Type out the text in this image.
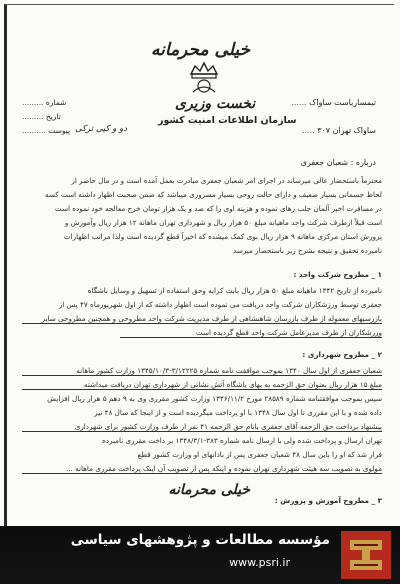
خیلی محرمانه
نخست وزیری
سازمان اطلاعات امنیت کشور
شماره .........
تاریخ .........
پیوست ..........	دو و کپی ترکی
تیمساریاست ساواک ......
ساواک تهران ۳۰۷ .....
درباره : شعبان جعفری
محترماً باستحضار عالی میرساند در اجرای امر شعبان جعفری مبادرت بعمل آمده است و در مال حاضر از
لحاظ جسمانی بسیار ضعیف و دارای حالت روحی بسیار مسروری میباشد که ضمن صحبت اظهار داشته است کسه
در مسافرت اخیر آلمان جلب رهای نموده و هزینه اوی را که صد و یک هزار تومان خرج معالجه خود نموده است
است قبلاً ازطرف شرکت واحد ماهیانه مبلغ ۵۰ هزار ریال و شهرداری تهران ماهانه ۱۲ هزار ریال وآموزش و
پرورش استان مرکزی ماهانه ۹ هزار ریال بوی کمک میشده که اخیراً قطع گردیده است ولذا مراتب اظهارات
نامبرده تحقیق و نتیجه بشرح زیر باستحضار میرسد
۱ _ مطروح شرکت واحد :
نامبرده از تاریخ ۱۳۴۲ ماهیانه مبلغ ۵۰ هزار ریال بابت کرایه وحق استفاده از تسهیل و وسایل باشگاه
جعفری توسط ورزشکاران شرکت واحد دریافت می نموده است اظهار داشته که از اول شهریورماه ۴۷ پس از
بازرسیهای معموله از طرف بازرسان شاهنشاهی از طرف مدیریت شرکت واحد مطروحی و همچنین مطروحی سایر
ورزشکاران از طرف مدیرعامل شرکت واحد قطع گردیده است
۲ _ مطروح شهرداری :
شعبان جعفری از اول سال ۱۳۴۰ بموجب موافقت نامه شماره ۳/۱۲۲۲۵-۱۳۴۵/۱۰/۳ وزارت کشور ماهانه
مبلغ ۱۵ هزار ریال بعنوان حق الزحمه به بهای باشگاه آتش نشانی از شهرداری تهران دریافت میداشته
سپس بموجب موافقتنامه شماره ۲۸۵۸۹ مورخ ۱۳۴۶/۱۱/۲ وزارت کشور مقرری وی به ۹ دهم ۵ هزار ریال افزایش
داده شده و با این مقرری تا اول سال ۱۳۴۸ با او پرداخت میگردیده است و از اینجا که سال ۴۸ نیز
پیشنهاد برداخت حق الزحمه آقای جعفری بانام حق الزحمه ۴۱ نفر از طرف وزارت کشور برای شهرداری
تهران ارسال و پرداخت شده ولی با ارسال نامه شماره ۳۸۳-۱۳۴۸/۳/۱ بر داخت مقرری نامبرده
قرار شد که او را باین سال ۴۸ شعبان جعفری پس از بادانهای او وزارت کشور قطع
مولوی به تصویب سه هیئت شهرداری تهران نموده و اینکه پس از تصویب آن اینک پرداخت مقرری ماهانه ...
خیلی محرمانه
۳ _ مطروح آموزش و پرورش :
مؤسسه مطالعات و پژوهشهای سیاسی
www.psri.ir
